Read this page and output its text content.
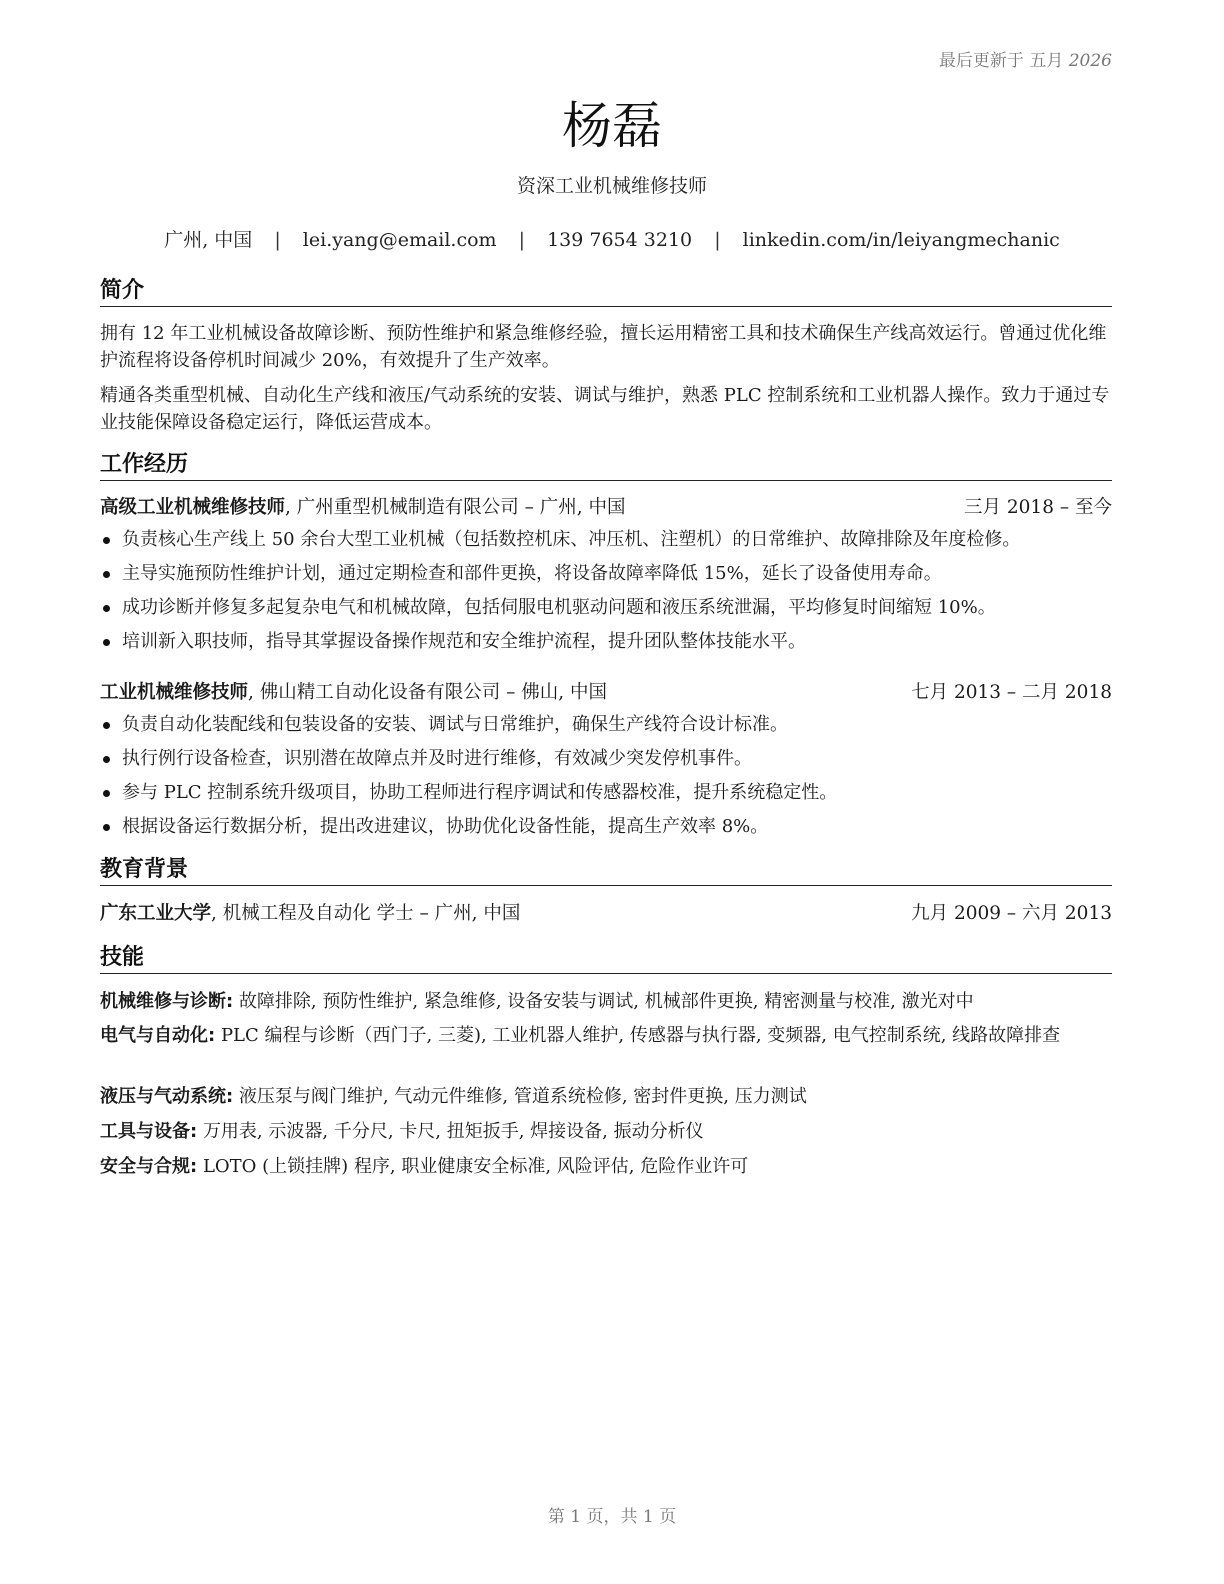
最后更新于 五月 2026
杨磊
资深工业机械维修技师
广州, 中国 | lei.yang@email.com | 139 7654 3210 | linkedin.com/in/leiyangmechanic
简介
拥有 12 年工业机械设备故障诊断、预防性维护和紧急维修经验，擅长运用精密工具和技术确保生产线高效运行。曾通过优化维护流程将设备停机时间减少 20%，有效提升了生产效率。
精通各类重型机械、自动化生产线和液压/气动系统的安装、调试与维护，熟悉 PLC 控制系统和工业机器人操作。致力于通过专业技能保障设备稳定运行，降低运营成本。
工作经历
高级工业机械维修技师, 广州重型机械制造有限公司 – 广州, 中国	三月 2018 – 至今
负责核心生产线上 50 余台大型工业机械（包括数控机床、冲压机、注塑机）的日常维护、故障排除及年度检修。
主导实施预防性维护计划，通过定期检查和部件更换，将设备故障率降低 15%，延长了设备使用寿命。
成功诊断并修复多起复杂电气和机械故障，包括伺服电机驱动问题和液压系统泄漏，平均修复时间缩短 10%。
培训新入职技师，指导其掌握设备操作规范和安全维护流程，提升团队整体技能水平。
工业机械维修技师, 佛山精工自动化设备有限公司 – 佛山, 中国	七月 2013 – 二月 2018
负责自动化装配线和包装设备的安装、调试与日常维护，确保生产线符合设计标准。
执行例行设备检查，识别潜在故障点并及时进行维修，有效减少突发停机事件。
参与 PLC 控制系统升级项目，协助工程师进行程序调试和传感器校准，提升系统稳定性。
根据设备运行数据分析，提出改进建议，协助优化设备性能，提高生产效率 8%。
教育背景
广东工业大学, 机械工程及自动化 学士 – 广州, 中国	九月 2009 – 六月 2013
技能
机械维修与诊断: 故障排除, 预防性维护, 紧急维修, 设备安装与调试, 机械部件更换, 精密测量与校准, 激光对中
电气与自动化: PLC 编程与诊断（西门子, 三菱), 工业机器人维护, 传感器与执行器, 变频器, 电气控制系统, 线路故障排查
液压与气动系统: 液压泵与阀门维护, 气动元件维修, 管道系统检修, 密封件更换, 压力测试
工具与设备: 万用表, 示波器, 千分尺, 卡尺, 扭矩扳手, 焊接设备, 振动分析仪
安全与合规: LOTO (上锁挂牌) 程序, 职业健康安全标准, 风险评估, 危险作业许可
第 1 页，共 1 页
